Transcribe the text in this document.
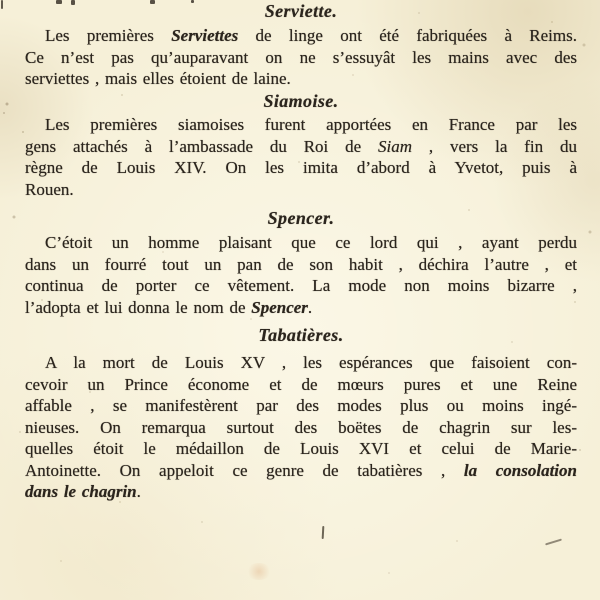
Serviette.
Les premières Serviettes de linge ont été fabriquées à Reims.
Ce n’est pas qu’auparavant on ne s’essuyât les mains avec des
serviettes , mais elles étoient de laine.
Siamoise.
Les premières siamoises furent apportées en France par les
gens attachés à l’ambassade du Roi de Siam , vers la fin du
règne de Louis XIV. On les imita d’abord à Yvetot, puis à
Rouen.
Spencer.
C’étoit un homme plaisant que ce lord qui , ayant perdu
dans un fourré tout un pan de son habit , déchira l’autre , et
continua de porter ce vêtement. La mode non moins bizarre ,
l’adopta et lui donna le nom de Spencer.
Tabatières.
A la mort de Louis XV , les espérances que faisoient con-
cevoir un Prince économe et de mœurs pures et une Reine
affable , se manifestèrent par des modes plus ou moins ingé-
nieuses. On remarqua surtout des boëtes de chagrin sur les-
quelles étoit le médaillon de Louis XVI et celui de Marie-
Antoinette. On appeloit ce genre de tabatières , la consolation
dans le chagrin.
